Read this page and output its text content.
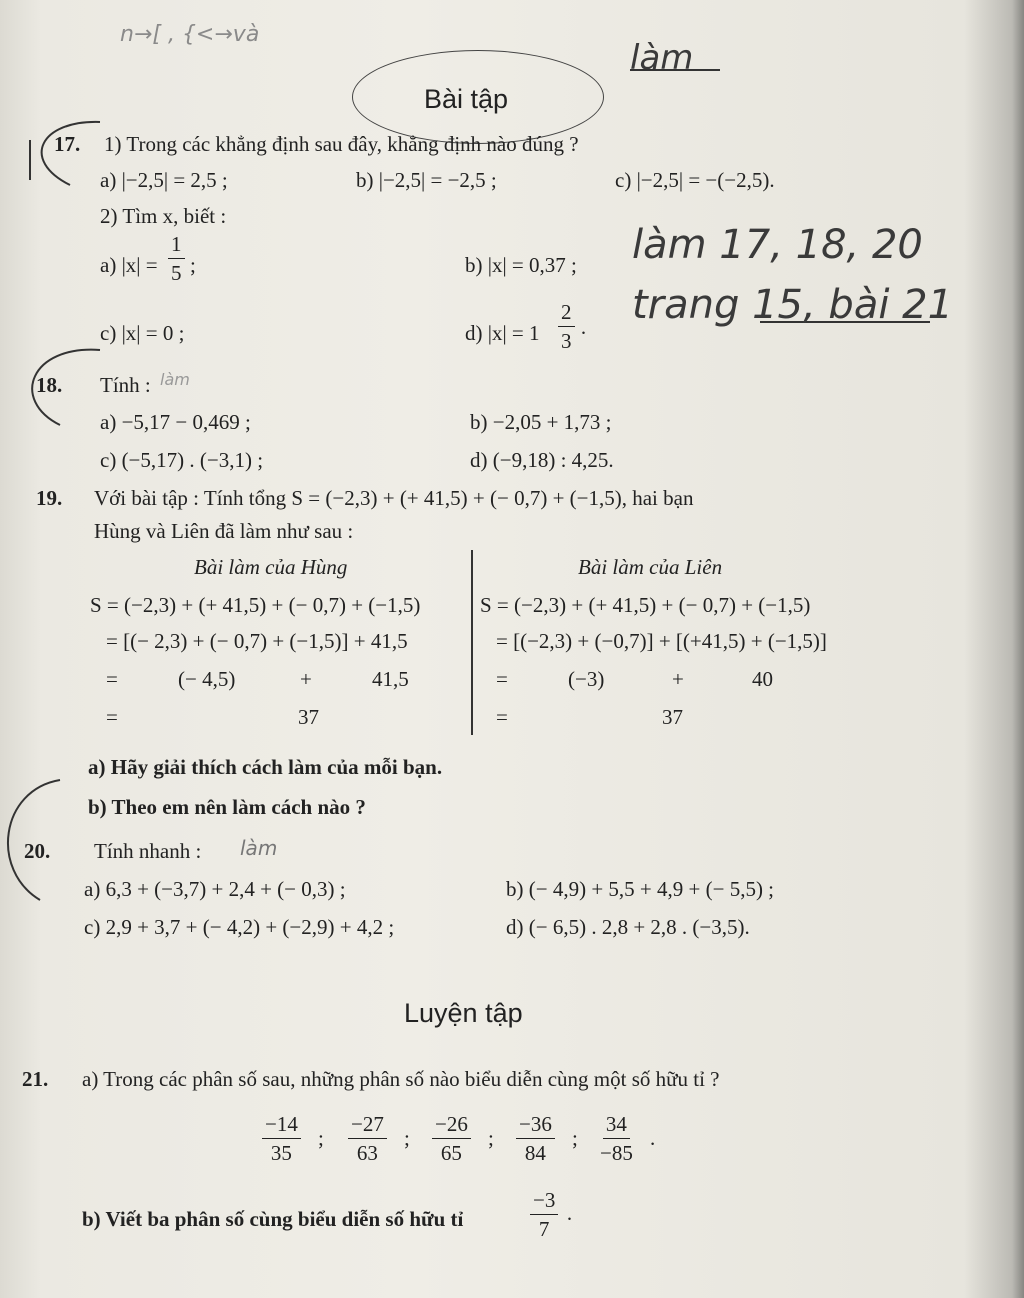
n→[ , {<→và
làm
Bài tập
17. 1) Trong các khẳng định sau đây, khẳng định nào đúng ?
a) |−2,5| = 2,5 ;	b) |−2,5| = −2,5 ;	c) |−2,5| = −(−2,5).
2) Tìm x, biết :
a) $|x| = \frac{1}{5}$ ;	b) |x| = 0,37 ;
c) |x| = 0 ;	d) $|x| = 1 \frac{2}{3}$ ·
làm 17, 18, 20
trang 15, bài 21
18. Tính : làm
a) −5,17 − 0,469 ;	b) −2,05 + 1,73 ;
c) (−5,17) . (−3,1) ;	d) (−9,18) : 4,25.
19. Với bài tập : Tính tổng S = (−2,3) + (+ 41,5) + (− 0,7) + (−1,5), hai bạn
Hùng và Liên đã làm như sau :
Bài làm của Hùng
S = (−2,3) + (+ 41,5) + (− 0,7) + (−1,5)
= [(− 2,3) + (− 0,7) + (−1,5)] + 41,5
=	(− 4,5)	+	41,5
=	37
Bài làm của Liên
S = (−2,3) + (+ 41,5) + (− 0,7) + (−1,5)
= [(−2,3) + (−0,7)] + [(+41,5) + (−1,5)]
=	(−3)	+	40
=	37
a) Hãy giải thích cách làm của mỗi bạn.
b) Theo em nên làm cách nào ?
20. Tính nhanh : làm
a) 6,3 + (−3,7) + 2,4 + (− 0,3) ;	b) (− 4,9) + 5,5 + 4,9 + (− 5,5) ;
c) 2,9 + 3,7 + (− 4,2) + (−2,9) + 4,2 ;	d) (− 6,5) . 2,8 + 2,8 . (−3,5).
Luyện tập
21. a) Trong các phân số sau, những phân số nào biểu diễn cùng một số hữu tỉ ?
$\frac{-14}{35}$ ; $\frac{-27}{63}$ ; $\frac{-26}{65}$ ; $\frac{-36}{84}$ ; $\frac{34}{-85}$ .
b) Viết ba phân số cùng biểu diễn số hữu tỉ	$\frac{-3}{7}$ ·
